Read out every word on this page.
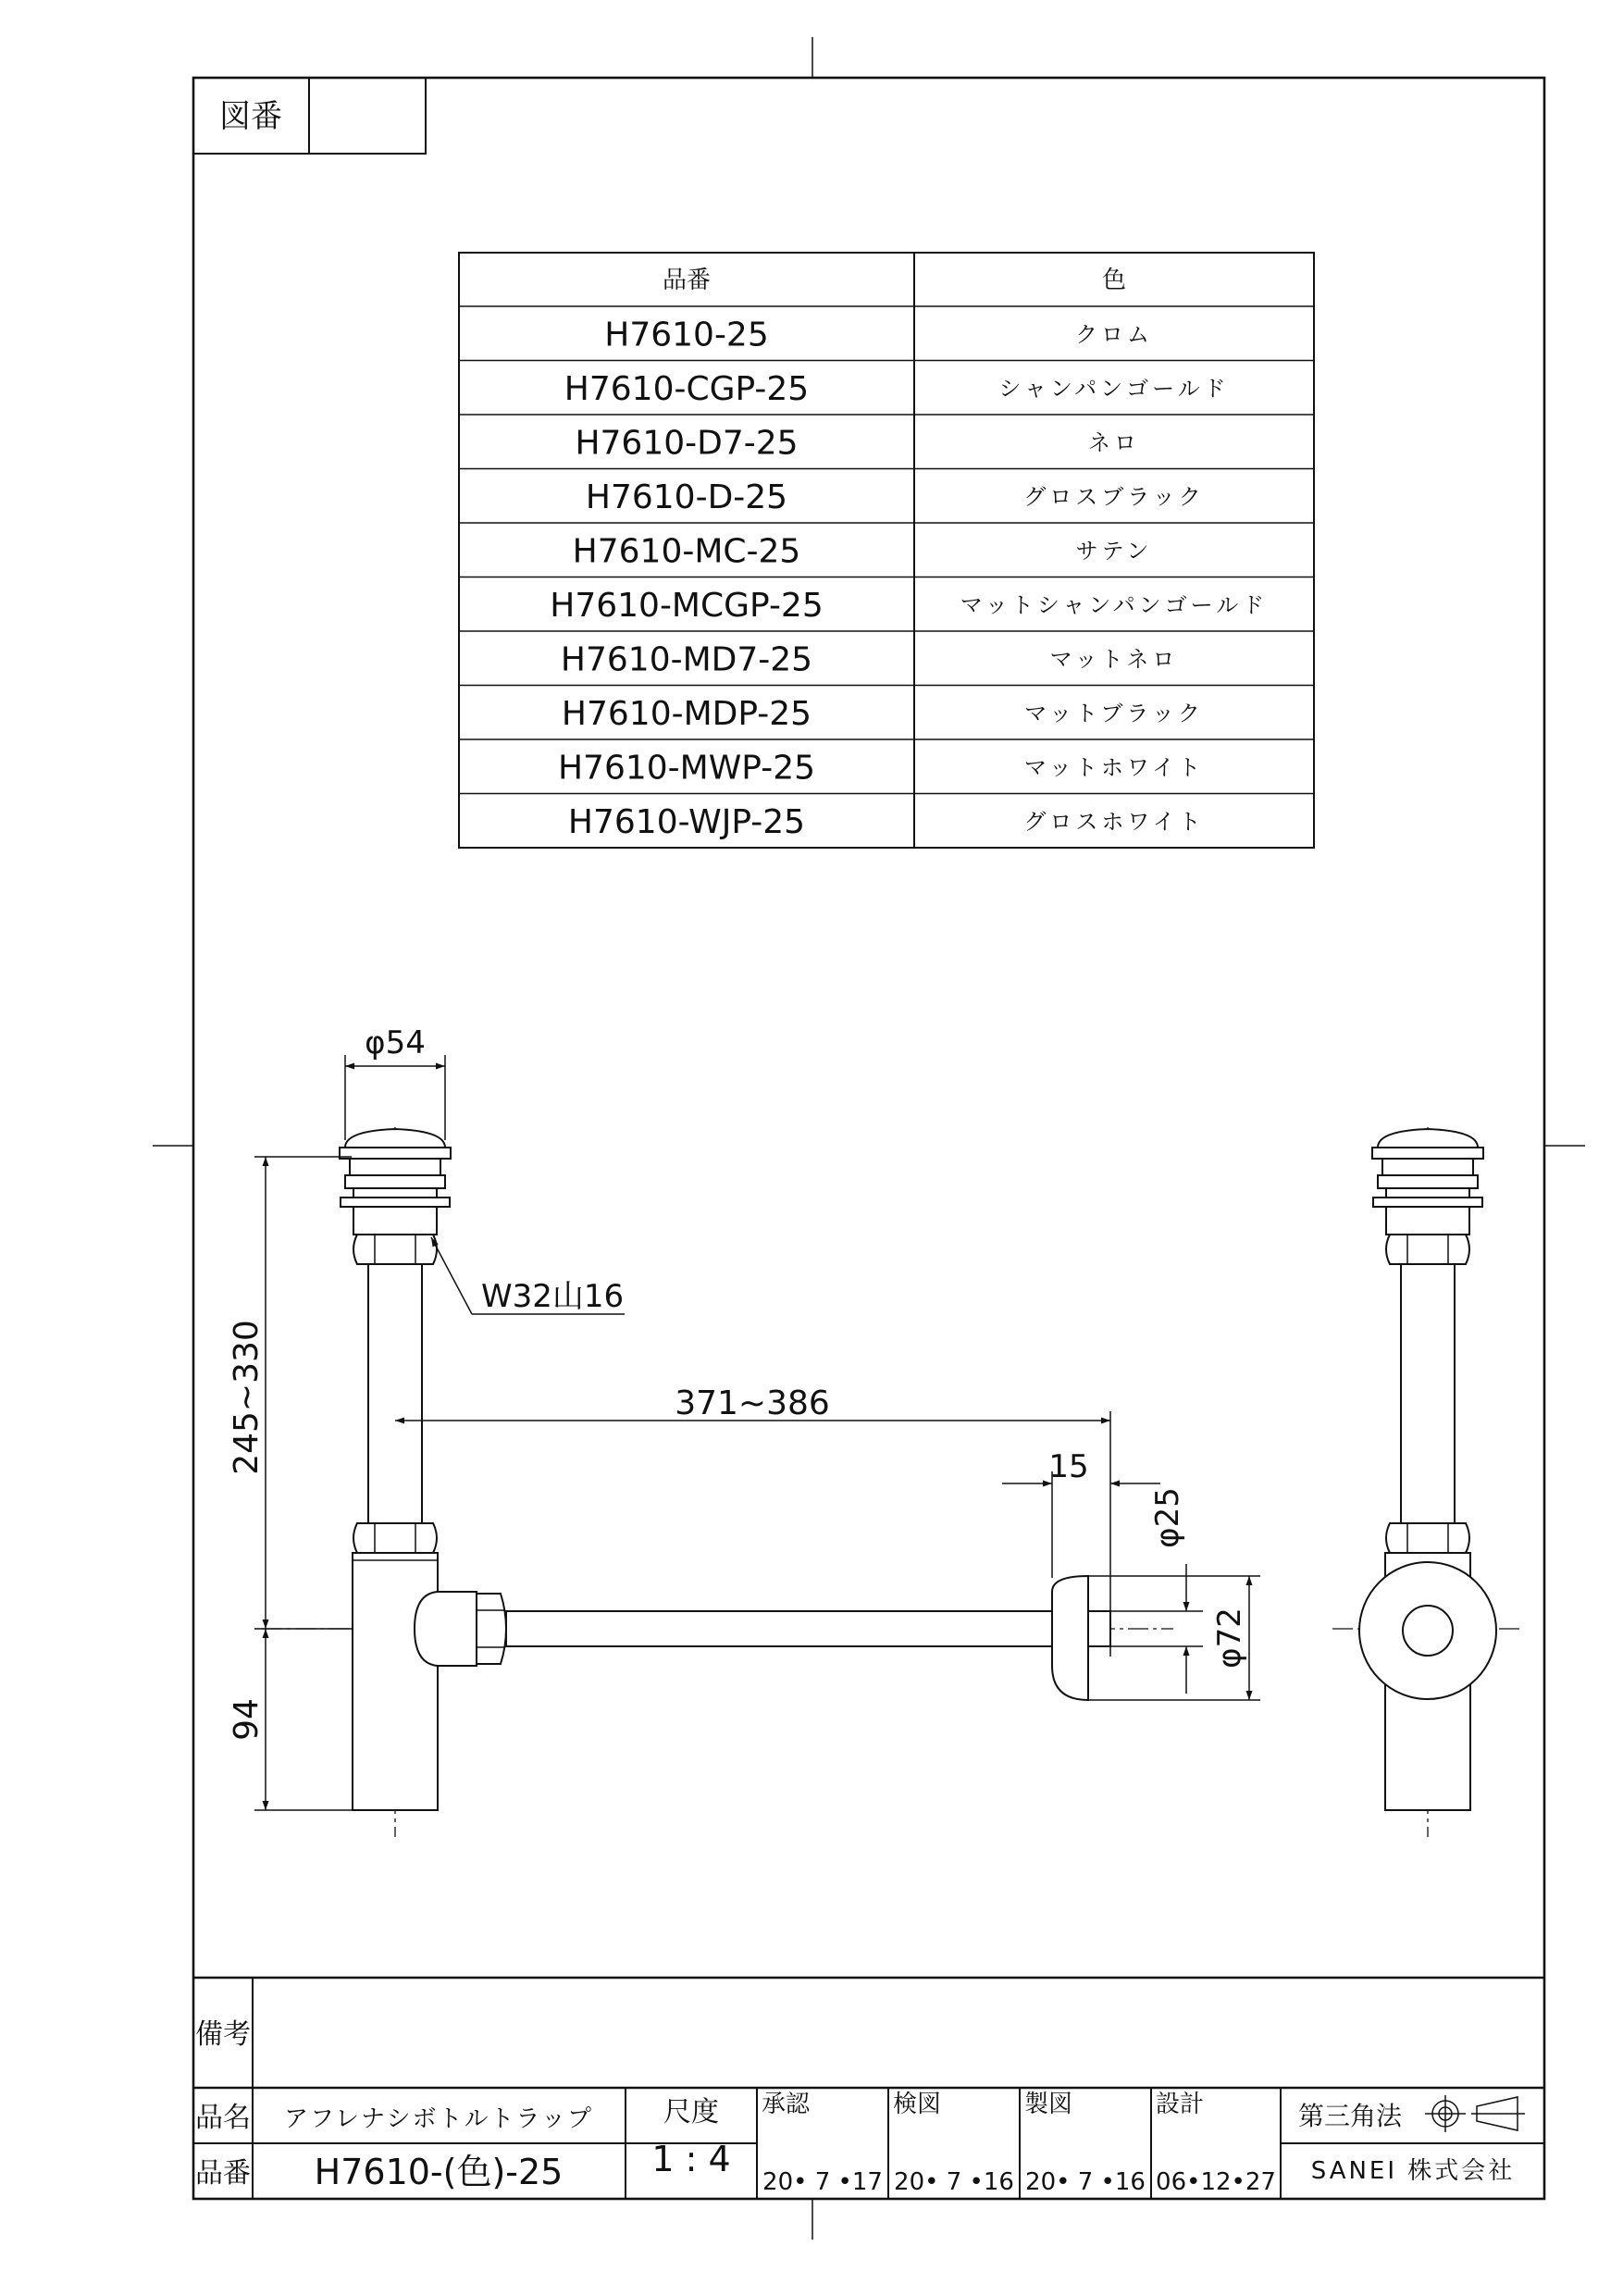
図番
品番	色
H7610-25	クロム
H7610-CGP-25	シャンパンゴールド
H7610-D7-25	ネロ
H7610-D-25	グロスブラック
H7610-MC-25	サテン
H7610-MCGP-25	マットシャンパンゴールド
H7610-MD7-25	マットネロ
H7610-MDP-25	マットブラック
H7610-MWP-25	マットホワイト
H7610-WJP-25	グロスホワイト
φ54
W32山16
245~330
94
371~386
15
φ25
φ72
備考
品名 アフレナシボトルトラップ
品番 H7610-(色)-25
尺度
1 : 4
承認
20• 7 •17
検図
20• 7 •16
製図
20• 7 •16
設計
06•12•27
第三角法
SANEI 株式会社
